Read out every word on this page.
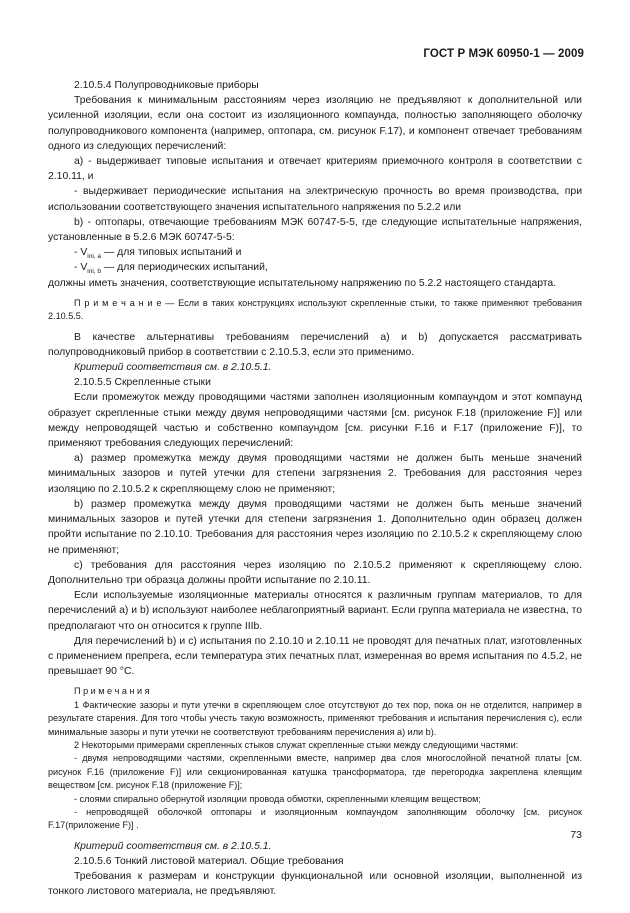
ГОСТ Р МЭК 60950-1 — 2009

2.10.5.4 Полупроводниковые приборы

Требования к минимальным расстояниям через изоляцию не предъявляют к дополнительной или усиленной изоляции, если она состоит из изоляционного компаунда, полностью заполняющего оболочку полупроводникового компонента (например, оптопара, см. рисунок F.17), и компонент отвечает требованиям одного из следующих перечислений:

a) - выдерживает типовые испытания и отвечает критериям приемочного контроля в соответствии с 2.10.11, и

- выдерживает периодические испытания на электрическую прочность во время производства, при использовании соответствующего значения испытательного напряжения по 5.2.2 или

b) - оптопары, отвечающие требованиям МЭК 60747-5-5, где следующие испытательные напряжения, установленные в 5.2.6 МЭК 60747-5-5:

- $V_{ini, a}$ — для типовых испытаний и

- $V_{ini, b}$ — для периодических испытаний,

должны иметь значения, соответствующие испытательному напряжению по 5.2.2 настоящего стандарта.

П р и м е ч а н и е — Если в таких конструкциях используют скрепленные стыки, то также применяют требования 2.10.5.5.

В качестве альтернативы требованиям перечислений a) и b) допускается рассматривать полупроводниковый прибор в соответствии с 2.10.5.3, если это применимо.

Критерий соответствия см. в 2.10.5.1.

2.10.5.5 Скрепленные стыки

Если промежуток между проводящими частями заполнен изоляционным компаундом и этот компаунд образует скрепленные стыки между двумя непроводящими частями [см. рисунок F.18 (приложение F)] или между непроводящей частью и собственно компаундом [см. рисунки F.16 и F.17 (приложение F)], то применяют требования следующих перечислений:

a) размер промежутка между двумя проводящими частями не должен быть меньше значений минимальных зазоров и путей утечки для степени загрязнения 2. Требования для расстояния через изоляцию по 2.10.5.2 к скрепляющему слою не применяют;

b) размер промежутка между двумя проводящими частями не должен быть меньше значений минимальных зазоров и путей утечки для степени загрязнения 1. Дополнительно один образец должен пройти испытание по 2.10.10. Требования для расстояния через изоляцию по 2.10.5.2 к скрепляющему слою не применяют;

c) требования для расстояния через изоляцию по 2.10.5.2 применяют к скрепляющему слою. Дополнительно три образца должны пройти испытание по 2.10.11.

Если используемые изоляционные материалы относятся к различным группам материалов, то для перечислений a) и b) используют наиболее неблагоприятный вариант. Если группа материала не известна, то предполагают что он относится к группе IIIb.

Для перечислений b) и c) испытания по 2.10.10 и 2.10.11 не проводят для печатных плат, изготовленных с применением препрега, если температура этих печатных плат, измеренная во время испытания по 4.5.2, не превышает 90 °С.

П р и м е ч а н и я

1 Фактические зазоры и пути утечки в скрепляющем слое отсутствуют до тех пор, пока он не отделится, например в результате старения. Для того чтобы учесть такую возможность, применяют требования и испытания перечисления c), если минимальные зазоры и пути утечки не соответствуют требованиям перечисления a) или b).

2 Некоторыми примерами скрепленных стыков служат скрепленные стыки между следующими частями:

- двумя непроводящими частями, скрепленными вместе, например два слоя многослойной печатной платы [см. рисунок F.16 (приложение F)] или секционированная катушка трансформатора, где перегородка закреплена клеящим веществом [см. рисунок F.18 (приложение F)];

- слоями спирально обернутой изоляции провода обмотки, скрепленными клеящим веществом;

- непроводящей оболочкой оптопары и изоляционным компаундом заполняющим оболочку [см. рисунок F.17(приложение F)] .

Критерий соответствия см. в 2.10.5.1.

2.10.5.6 Тонкий листовой материал. Общие требования

Требования к размерам и конструкции функциональной или основной изоляции, выполненной из тонкого листового материала, не предъявляют.

73
